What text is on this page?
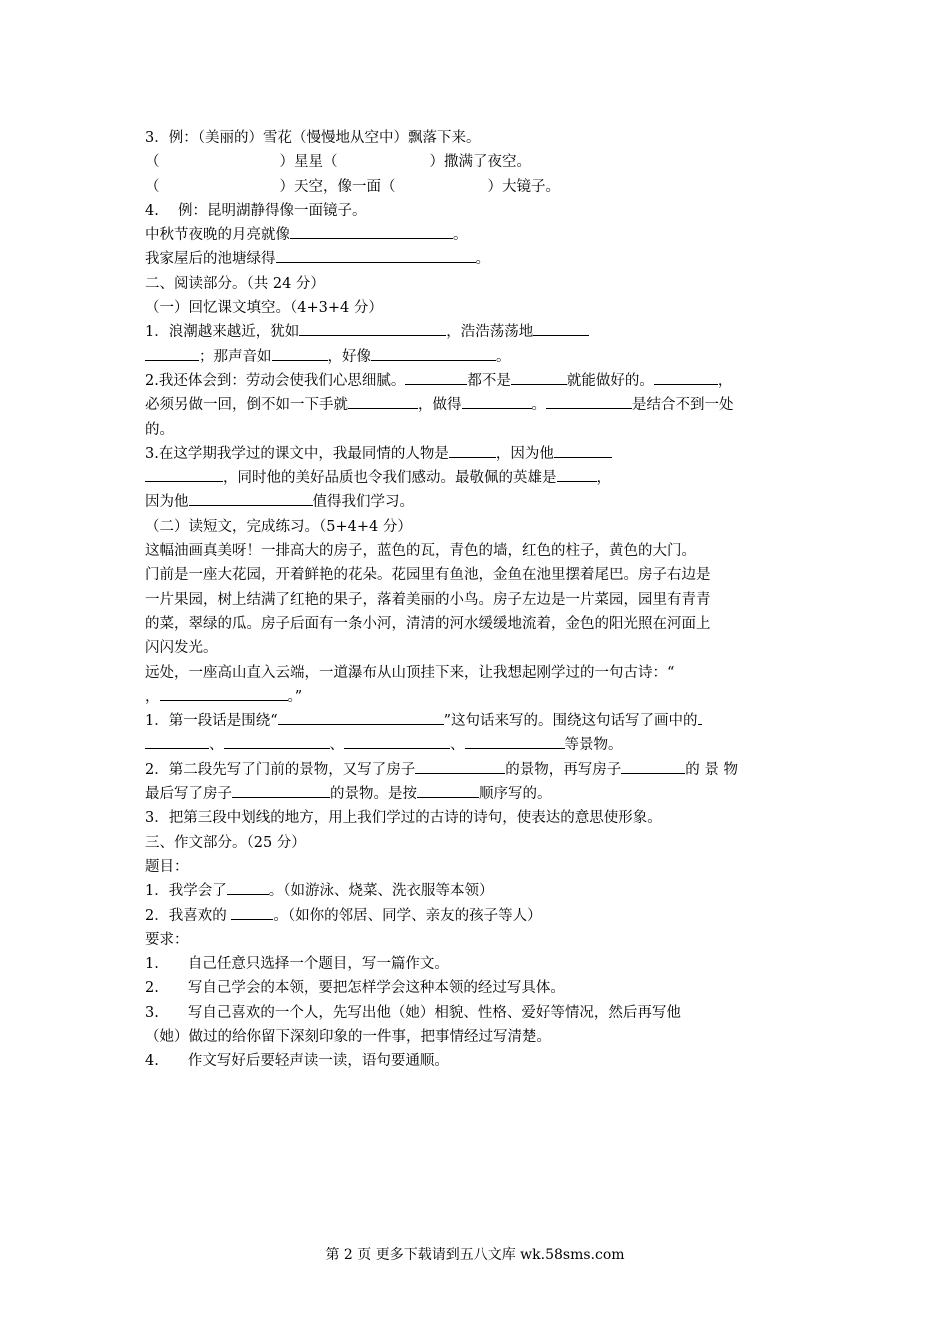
3．例：（美丽的）雪花（慢慢地从空中）飘落下来。
（	）星星（	）撒满了夜空。
（	）天空，像一面（	）大镜子。
4.　 例：昆明湖静得像一面镜子。
中秋节夜晚的月亮就像	。
我家屋后的池塘绿得	。
二、阅读部分。（共 24 分）
（一）回忆课文填空。（4+3+4 分）
1．浪潮越来越近，犹如	，浩浩荡荡地
；那声音如	，好像	。
2.我还体会到：劳动会使我们心思细腻。	都不是	就能做好的。	，
必须另做一回，倒不如一下手就	，做得	。	是结合不到一处
的。
3.在这学期我学过的课文中，我最同情的人物是	，因为他
，同时他的美好品质也令我们感动。最敬佩的英雄是	，
因为他	值得我们学习。
（二）读短文，完成练习。（5+4+4 分）
这幅油画真美呀！一排高大的房子，蓝色的瓦，青色的墙，红色的柱子，黄色的大门。
门前是一座大花园，开着鲜艳的花朵。花园里有鱼池，金鱼在池里摆着尾巴。房子右边是
一片果园，树上结满了红艳的果子，落着美丽的小鸟。房子左边是一片菜园，园里有青青
的菜，翠绿的瓜。房子后面有一条小河，清清的河水缓缓地流着，金色的阳光照在河面上
闪闪发光。
远处，一座高山直入云端，一道瀑布从山顶挂下来，让我想起刚学过的一句古诗：“
，	。”
1．第一段话是围绕“	”这句话来写的。围绕这句话写了画中的
、	、	、	等景物。
2．第二段先写了门前的景物，又写了房子	的景物，再写房子	的 景 物
最后写了房子	的景物。是按	顺序写的。
3．把第三段中划线的地方，用上我们学过的古诗的诗句，使表达的意思使形象。
三、作文部分。（25 分）
题目：
1．我学会了	。（如游泳、烧菜、洗衣服等本领）
2．我喜欢的	。（如你的邻居、同学、亲友的孩子等人）
要求：
1.　　自己任意只选择一个题目，写一篇作文。
2.　　写自己学会的本领，要把怎样学会这种本领的经过写具体。
3.　　写自己喜欢的一个人，先写出他（她）相貌、性格、爱好等情况，然后再写他
（她）做过的给你留下深刻印象的一件事，把事情经过写清楚。
4.　　作文写好后要轻声读一读，语句要通顺。
第 2 页 更多下载请到五八文库 wk.58sms.com
